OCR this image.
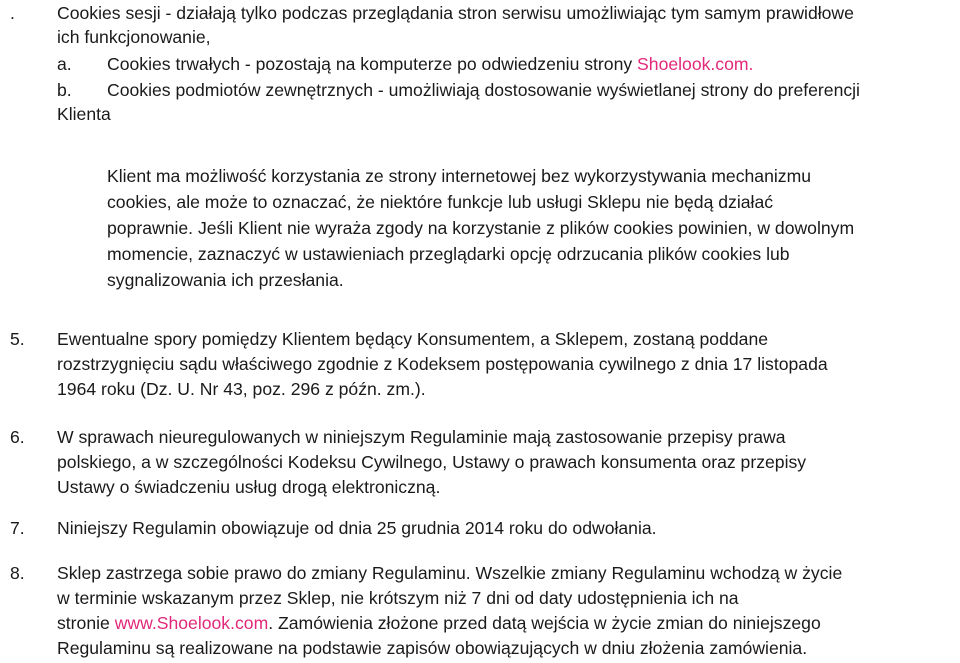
. Cookies sesji - działają tylko podczas przeglądania stron serwisu umożliwiając tym samym prawidłowe
ich funkcjonowanie,
a. Cookies trwałych - pozostają na komputerze po odwiedzeniu strony Shoelook.com.
b. Cookies podmiotów zewnętrznych - umożliwiają dostosowanie wyświetlanej strony do preferencji
Klienta
Klient ma możliwość korzystania ze strony internetowej bez wykorzystywania mechanizmu
cookies, ale może to oznaczać, że niektóre funkcje lub usługi Sklepu nie będą działać
poprawnie. Jeśli Klient nie wyraża zgody na korzystanie z plików cookies powinien, w dowolnym
momencie, zaznaczyć w ustawieniach przeglądarki opcję odrzucania plików cookies lub
sygnalizowania ich przesłania.
5. Ewentualne spory pomiędzy Klientem będący Konsumentem, a Sklepem, zostaną poddane
rozstrzygnięciu sądu właściwego zgodnie z Kodeksem postępowania cywilnego z dnia 17 listopada
1964 roku (Dz. U. Nr 43, poz. 296 z późn. zm.).
6. W sprawach nieuregulowanych w niniejszym Regulaminie mają zastosowanie przepisy prawa
polskiego, a w szczególności Kodeksu Cywilnego, Ustawy o prawach konsumenta oraz przepisy
Ustawy o świadczeniu usług drogą elektroniczną.
7. Niniejszy Regulamin obowiązuje od dnia 25 grudnia 2014 roku do odwołania.
8. Sklep zastrzega sobie prawo do zmiany Regulaminu. Wszelkie zmiany Regulaminu wchodzą w życie
w terminie wskazanym przez Sklep, nie krótszym niż 7 dni od daty udostępnienia ich na
stronie www.Shoelook.com. Zamówienia złożone przed datą wejścia w życie zmian do niniejszego
Regulaminu są realizowane na podstawie zapisów obowiązujących w dniu złożenia zamówienia.
